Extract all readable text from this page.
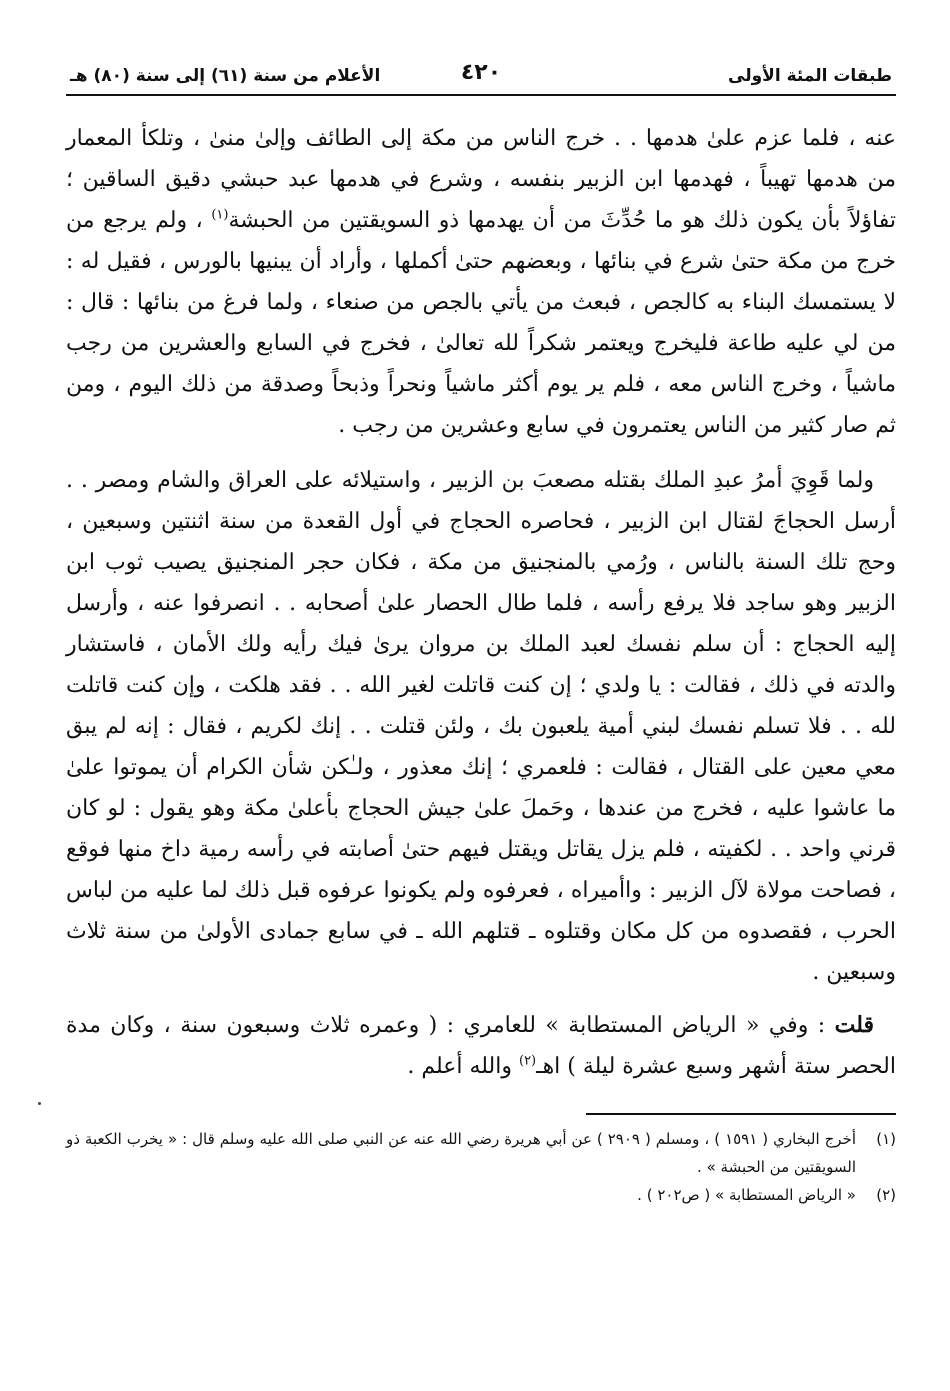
طبقات المئة الأولى
٤٢٠
الأعلام من سنة (٦١) إلى سنة (٨٠) هـ

عنه ، فلما عزم علىٰ هدمها . . خرج الناس من مكة إلى الطائف وإلىٰ منىٰ ، وتلكأ المعمار من هدمها تهيباً ، فهدمها ابن الزبير بنفسه ، وشرع في هدمها عبد حبشي دقيق الساقين ؛ تفاؤلاً بأن يكون ذلك هو ما حُدِّثَ من أن يهدمها ذو السويقتين من الحبشة$^{(١)}$ ، ولم يرجع من خرج من مكة حتىٰ شرع في بنائها ، وبعضهم حتىٰ أكملها ، وأراد أن يبنيها بالورس ، فقيل له : لا يستمسك البناء به كالجص ، فبعث من يأتي بالجص من صنعاء ، ولما فرغ من بنائها : قال : من لي عليه طاعة فليخرج ويعتمر شكراً لله تعالىٰ ، فخرج في السابع والعشرين من رجب ماشياً ، وخرج الناس معه ، فلم ير يوم أكثر ماشياً ونحراً وذبحاً وصدقة من ذلك اليوم ، ومن ثم صار كثير من الناس يعتمرون في سابع وعشرين من رجب .

ولما قَوِيَ أمرُ عبدِ الملك بقتله مصعبَ بن الزبير ، واستيلائه على العراق والشام ومصر . . أرسل الحجاجَ لقتال ابن الزبير ، فحاصره الحجاج في أول القعدة من سنة اثنتين وسبعين ، وحج تلك السنة بالناس ، ورُمي بالمنجنيق من مكة ، فكان حجر المنجنيق يصيب ثوب ابن الزبير وهو ساجد فلا يرفع رأسه ، فلما طال الحصار علىٰ أصحابه . . انصرفوا عنه ، وأرسل إليه الحجاج : أن سلم نفسك لعبد الملك بن مروان يرىٰ فيك رأيه ولك الأمان ، فاستشار والدته في ذلك ، فقالت : يا ولدي ؛ إن كنت قاتلت لغير الله . . فقد هلكت ، وإن كنت قاتلت لله . . فلا تسلم نفسك لبني أمية يلعبون بك ، ولئن قتلت . . إنك لكريم ، فقال : إنه لم يبق معي معين على القتال ، فقالت : فلعمري ؛ إنك معذور ، ولـٰكن شأن الكرام أن يموتوا علىٰ ما عاشوا عليه ، فخرج من عندها ، وحَملَ علىٰ جيش الحجاج بأعلىٰ مكة وهو يقول : لو كان قرني واحد . . لكفيته ، فلم يزل يقاتل ويقتل فيهم حتىٰ أصابته في رأسه رمية داخ منها فوقع ، فصاحت مولاة لآل الزبير : واأميراه ، فعرفوه ولم يكونوا عرفوه قبل ذلك لما عليه من لباس الحرب ، فقصدوه من كل مكان وقتلوه ـ قتلهم الله ـ في سابع جمادى الأولىٰ من سنة ثلاث وسبعين .

قلت : وفي « الرياض المستطابة » للعامري : ( وعمره ثلاث وسبعون سنة ، وكان مدة الحصر ستة أشهر وسبع عشرة ليلة ) اهـ$^{(٢)}$ والله أعلم .

(١)
أخرج البخاري ( ١٥٩١ ) ، ومسلم ( ٢٩٠٩ ) عن أبي هريرة رضي الله عنه عن النبي صلى الله عليه وسلم قال : « يخرب الكعبة ذو السويقتين من الحبشة » .
(٢)
« الرياض المستطابة » ( ص٢٠٢ ) .
